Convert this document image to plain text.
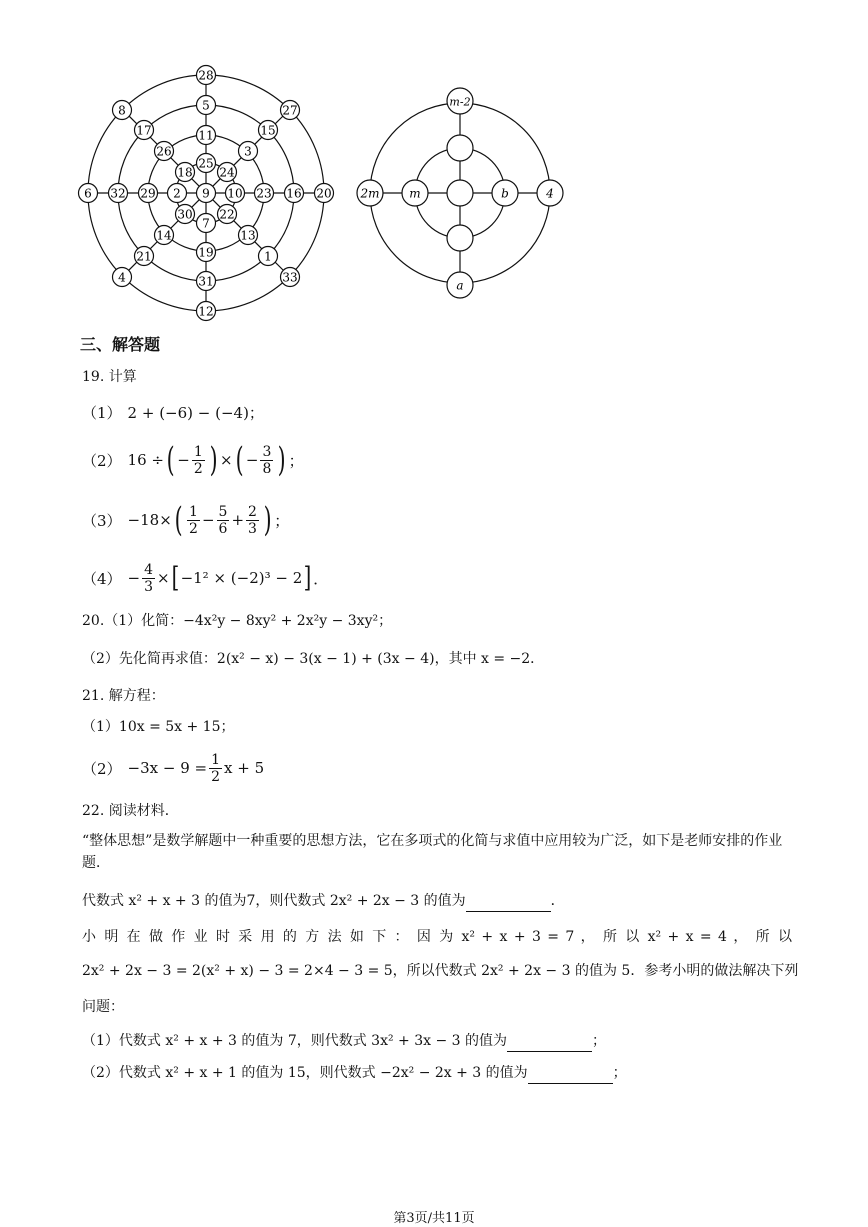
28
5
8	27
17	15
26
11
3
25
18 24
6 32 29 2 9 10 23 16 20
30 22
7
14	13
21	19	1
4	31	33
12
m-2
2m m	b	4
a
三、解答题
19. 计算
（1） 2 + (−6) − (−4)；
（2） 16 ÷ ( − $\frac{1}{2}$ ) × ( − $\frac{3}{8}$ ) ；
（3） −18× ( $\frac{1}{2} - \frac{5}{6} + \frac{2}{3}$ ) ；
$(4) - \frac{4}{3}$ × [ −1² × (−2)³ − 2 ] ．
20.（1）化简：−4x²y − 8xy² + 2x²y − 3xy²；
（2）先化简再求值：2(x² − x) − 3(x − 1) + (3x − 4)，其中 x = −2．
21. 解方程：
（1）10x = 5x + 15；
$(2) -3x - 9 = \frac{1}{2}$ x + 5
22. 阅读材料．
“整体思想”是数学解题中一种重要的思想方法，它在多项式的化简与求值中应用较为广泛，如下是老师安排的作业题．
代数式 x² + x + 3 的值为7，则代数式 2x² + 2x − 3 的值为	．
小 明 在 做 作 业 时 采 用 的 方 法 如 下 ： 因 为 x² + x + 3 = 7 ， 所 以 x² + x = 4 ， 所 以
2x² + 2x − 3 = 2(x² + x) − 3 = 2×4 − 3 = 5，所以代数式 2x² + 2x − 3 的值为 5．参考小明的做法解决下列
问题：
（1）代数式 x² + x + 3 的值为 7，则代数式 3x² + 3x − 3 的值为	；
（2）代数式 x² + x + 1 的值为 15，则代数式 −2x² − 2x + 3 的值为	；
第3页/共11页
